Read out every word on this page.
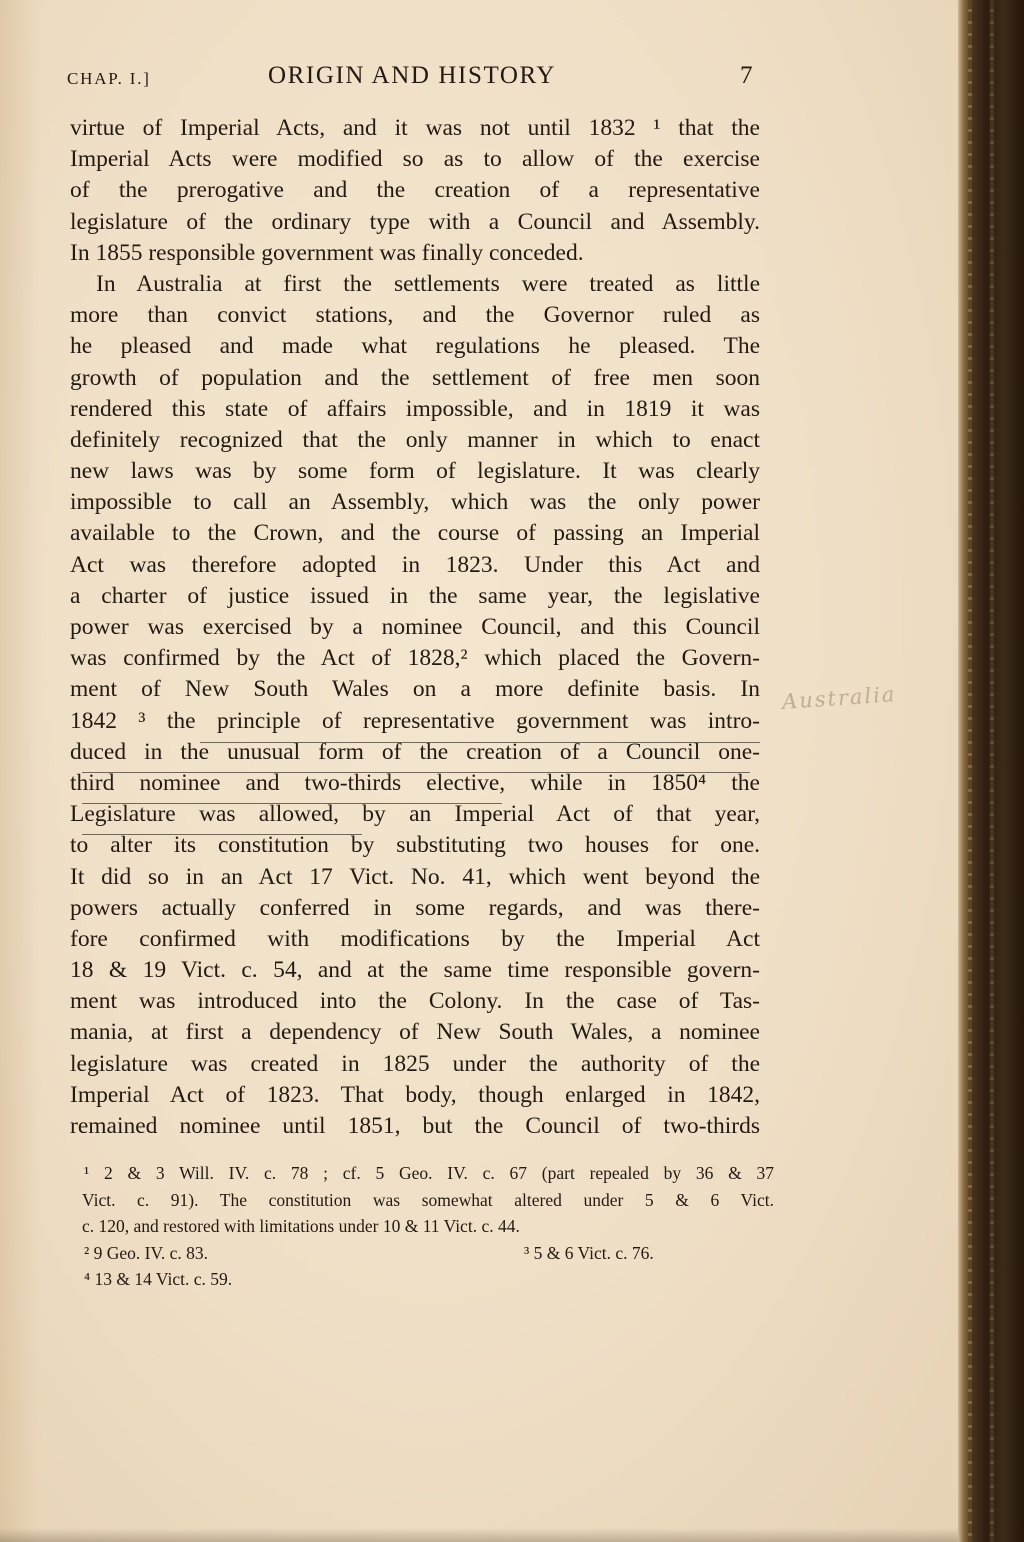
CHAP. I.]	ORIGIN AND HISTORY	7
virtue of Imperial Acts, and it was not until 1832 ¹ that the
Imperial Acts were modified so as to allow of the exercise
of the prerogative and the creation of a representative
legislature of the ordinary type with a Council and Assembly.
In 1855 responsible government was finally conceded.
In Australia at first the settlements were treated as little
more than convict stations, and the Governor ruled as
he pleased and made what regulations he pleased. The
growth of population and the settlement of free men soon
rendered this state of affairs impossible, and in 1819 it was
definitely recognized that the only manner in which to enact
new laws was by some form of legislature. It was clearly
impossible to call an Assembly, which was the only power
available to the Crown, and the course of passing an Imperial
Act was therefore adopted in 1823. Under this Act and
a charter of justice issued in the same year, the legislative
power was exercised by a nominee Council, and this Council
was confirmed by the Act of 1828,² which placed the Govern-
ment of New South Wales on a more definite basis. In
1842 ³ the principle of representative government was intro-
duced in the unusual form of the creation of a Council one-
third nominee and two-thirds elective, while in 1850⁴ the
Legislature was allowed, by an Imperial Act of that year,
to alter its constitution by substituting two houses for one.
It did so in an Act 17 Vict. No. 41, which went beyond the
powers actually conferred in some regards, and was there-
fore confirmed with modifications by the Imperial Act
18 & 19 Vict. c. 54, and at the same time responsible govern-
ment was introduced into the Colony. In the case of Tas-
mania, at first a dependency of New South Wales, a nominee
legislature was created in 1825 under the authority of the
Imperial Act of 1823. That body, though enlarged in 1842,
remained nominee until 1851, but the Council of two-thirds
Australia
¹ 2 & 3 Will. IV. c. 78 ; cf. 5 Geo. IV. c. 67 (part repealed by 36 & 37
Vict. c. 91). The constitution was somewhat altered under 5 & 6 Vict.
c. 120, and restored with limitations under 10 & 11 Vict. c. 44.
² 9 Geo. IV. c. 83.	³ 5 & 6 Vict. c. 76.
⁴ 13 & 14 Vict. c. 59.
